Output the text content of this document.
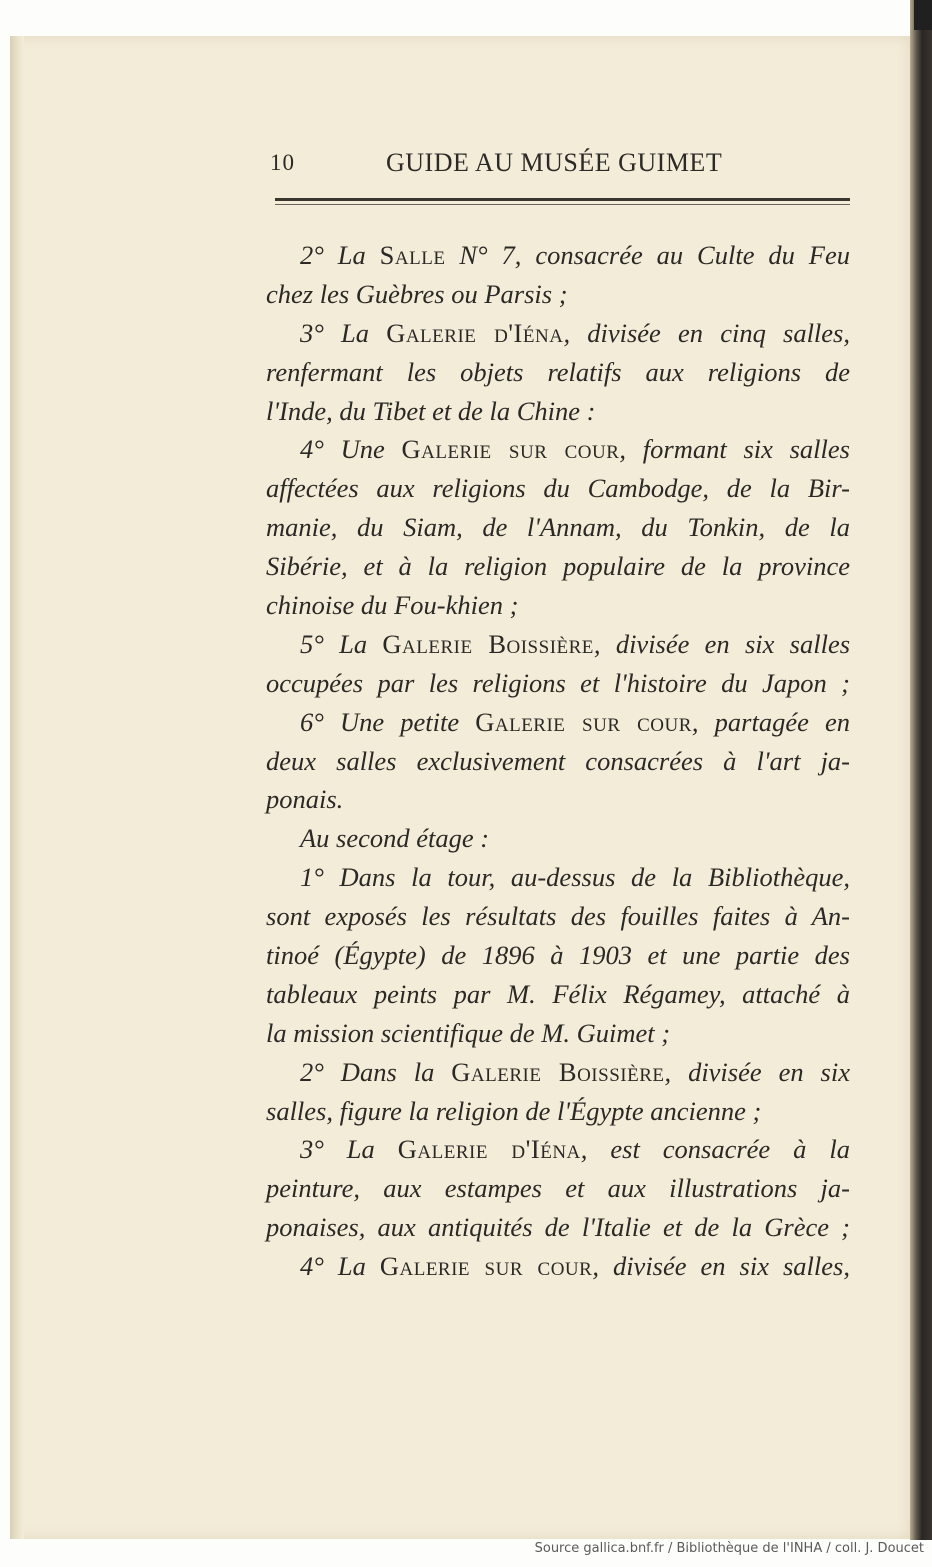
10	GUIDE AU MUSÉE GUIMET
2° La Salle N° 7, consacrée au Culte du Feu
chez les Guèbres ou Parsis ;
3° La Galerie d'Iéna, divisée en cinq salles,
renfermant les objets relatifs aux religions de
l'Inde, du Tibet et de la Chine :
4° Une Galerie sur cour, formant six salles
affectées aux religions du Cambodge, de la Bir-
manie, du Siam, de l'Annam, du Tonkin, de la
Sibérie, et à la religion populaire de la province
chinoise du Fou-khien ;
5° La Galerie Boissière, divisée en six salles
occupées par les religions et l'histoire du Japon ;
6° Une petite Galerie sur cour, partagée en
deux salles exclusivement consacrées à l'art ja-
ponais.
Au second étage :
1° Dans la tour, au-dessus de la Bibliothèque,
sont exposés les résultats des fouilles faites à An-
tinoé (Égypte) de 1896 à 1903 et une partie des
tableaux peints par M. Félix Régamey, attaché à
la mission scientifique de M. Guimet ;
2° Dans la Galerie Boissière, divisée en six
salles, figure la religion de l'Égypte ancienne ;
3° La Galerie d'Iéna, est consacrée à la
peinture, aux estampes et aux illustrations ja-
ponaises, aux antiquités de l'Italie et de la Grèce ;
4° La Galerie sur cour, divisée en six salles,
Source gallica.bnf.fr / Bibliothèque de l'INHA / coll. J. Doucet
